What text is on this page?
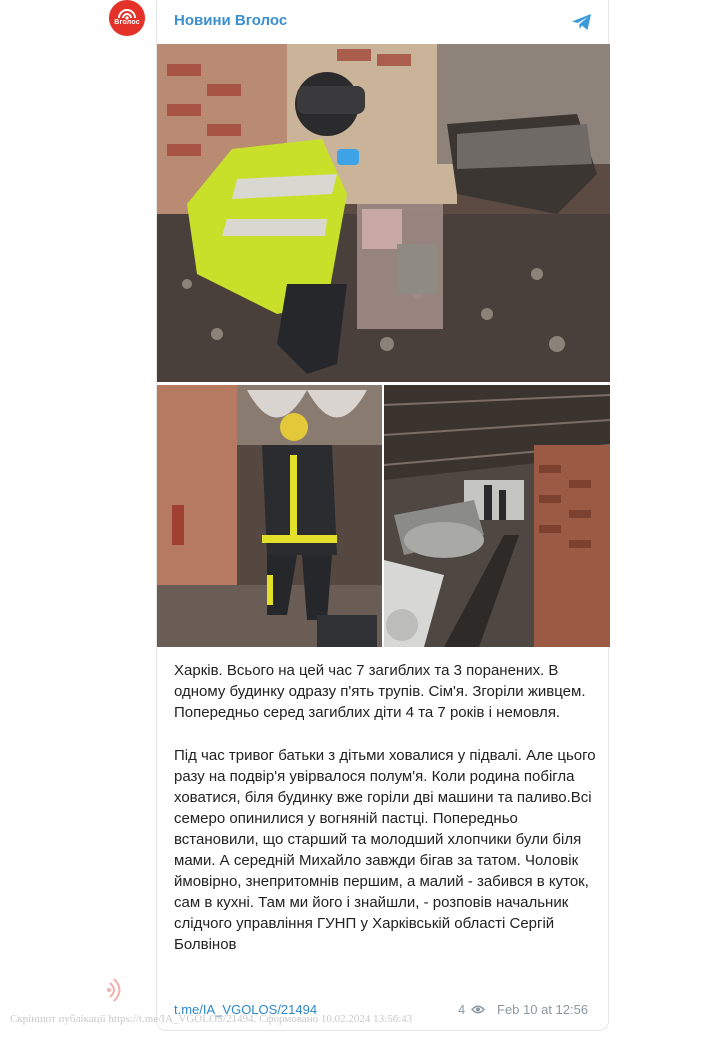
Вголос	Новини Вголос

Харків. Всього на цей час 7 загиблих та 3 поранених. В одному будинку одразу п'ять трупів. Сім'я. Згоріли живцем. Попередньо серед загиблих діти 4 та 7 років і немовля.

Під час тривог батьки з дітьми ховалися у підвалі. Але цього разу на подвір'я увірвалося полум'я. Коли родина побігла ховатися, біля будинку вже горіли дві машини та паливо.Всі семеро опинилися у вогняній пастці. Попередньо встановили, що старший та молодший хлопчики були біля мами. А середній Михайло завжди бігав за татом. Чоловік ймовірно, знепритомнів першим, а малий - забився в куток, сам в кухні. Там ми його і знайшли, - розповів начальник слідчого управління ГУНП у Харківській області Сергій Болвінов

t.me/IA_VGOLOS/21494	4 Feb 10 at 12:56
Скріншот публікації https://t.me/IA_VGOLOS/21494. Сформовано 10.02.2024 13:56:43
